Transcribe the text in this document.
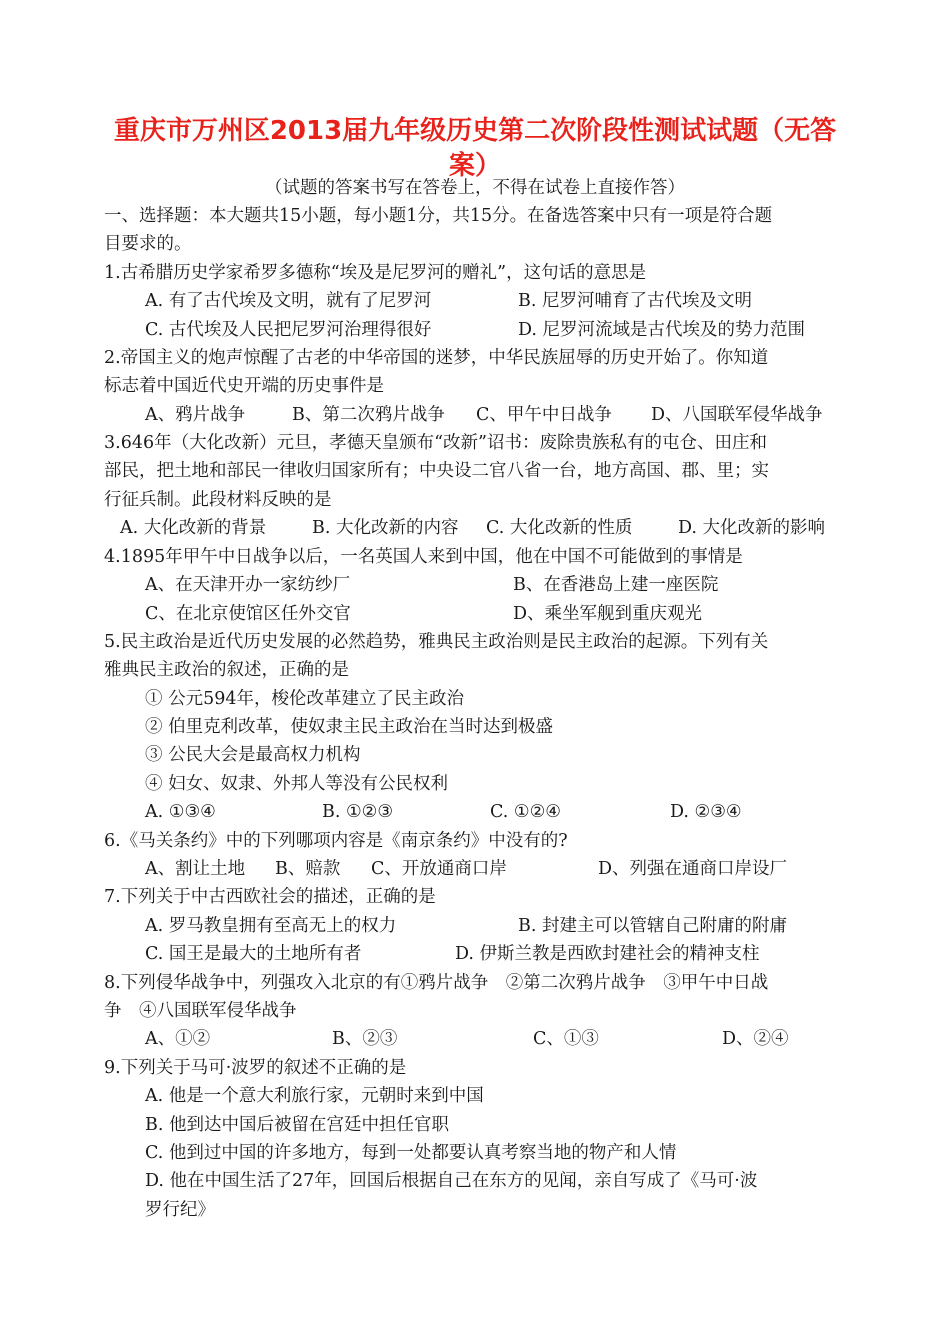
重庆市万州区2013届九年级历史第二次阶段性测试试题（无答
案）
（试题的答案书写在答卷上，不得在试卷上直接作答）
一、选择题：本大题共15小题，每小题1分，共15分。在备选答案中只有一项是符合题
目要求的。
1.古希腊历史学家希罗多德称“埃及是尼罗河的赠礼”，这句话的意思是
A. 有了古代埃及文明，就有了尼罗河	B. 尼罗河哺育了古代埃及文明
C. 古代埃及人民把尼罗河治理得很好	D. 尼罗河流域是古代埃及的势力范围
2.帝国主义的炮声惊醒了古老的中华帝国的迷梦，中华民族屈辱的历史开始了。你知道
标志着中国近代史开端的历史事件是
A、鸦片战争	B、第二次鸦片战争 C、甲午中日战争 D、八国联军侵华战争
3.646年（大化改新）元旦，孝德天皇颁布“改新”诏书：废除贵族私有的屯仓、田庄和
部民，把土地和部民一律收归国家所有；中央设二官八省一台，地方高国、郡、里；实
行征兵制。此段材料反映的是
A. 大化改新的背景	B. 大化改新的内容 C. 大化改新的性质	D. 大化改新的影响
4.1895年甲午中日战争以后，一名英国人来到中国，他在中国不可能做到的事情是
A、在天津开办一家纺纱厂	B、在香港岛上建一座医院
C、在北京使馆区任外交官	D、乘坐军舰到重庆观光
5.民主政治是近代历史发展的必然趋势，雅典民主政治则是民主政治的起源。下列有关
雅典民主政治的叙述，正确的是
① 公元594年，梭伦改革建立了民主政治
② 伯里克利改革，使奴隶主民主政治在当时达到极盛
③ 公民大会是最高权力机构
④ 妇女、奴隶、外邦人等没有公民权利
A. ①③④	B. ①②③	C. ①②④	D. ②③④
6.《马关条约》中的下列哪项内容是《南京条约》中没有的?
A、割让土地 B、赔款 C、开放通商口岸	D、列强在通商口岸设厂
7.下列关于中古西欧社会的描述，正确的是
A. 罗马教皇拥有至高无上的权力	B. 封建主可以管辖自己附庸的附庸
C. 国王是最大的土地所有者	D. 伊斯兰教是西欧封建社会的精神支柱
8.下列侵华战争中，列强攻入北京的有①鸦片战争　②第二次鸦片战争　③甲午中日战
争　④八国联军侵华战争
A、①②	B、②③	C、①③	D、②④
9.下列关于马可·波罗的叙述不正确的是
A. 他是一个意大利旅行家，元朝时来到中国
B. 他到达中国后被留在宫廷中担任官职
C. 他到过中国的许多地方，每到一处都要认真考察当地的物产和人情
D. 他在中国生活了27年，回国后根据自己在东方的见闻，亲自写成了《马可·波
罗行纪》
